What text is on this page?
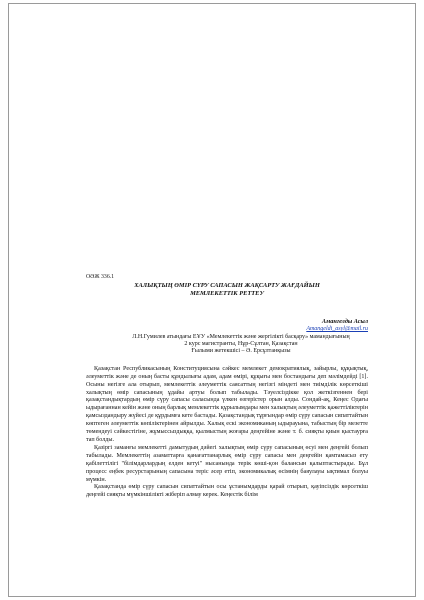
ОӘЖ 336.1
ХАЛЫҚТЫҢ ӨМІР СҮРУ САПАСЫН ЖАҚСАРТУ ЖАҒДАЙЫН
МЕМЛЕКЕТТІК РЕТТЕУ
Амангелды Асыл
Amangeldi_asyl@mail.ru
Л.Н.Гумилев атындағы ЕҰУ «Мемлекеттік және жергілікті басқару» мамандығының
2 курс магистранты, Нұр-Сұлтан, Қазақстан
Ғылыми жетекшісі – Ә. Ерсұлтанқызы

Қазақстан Республикасының Конституциясына сәйкес мемлекет демократиялық, зайырлы, құқықтық, әлеуметтік және де оның басты құндылығы адам, адам өмірі, құқығы мен бостандығы деп мәлімдейді [1]. Осыны негізге ала отырып, мемлекеттік әлеуметтік саясаттың негізгі міндеті мен тиімділік көрсеткіші халықтың өмір сапасының ұдайы артуы болып табылады. Тәуелсіздікке қол жеткізгеннен бері қазақстандықтардың өмір сүру сапасы саласында үлкен өзгерістер орын алды. Сондай-ақ, Кеңес Одағы ыдырағаннан кейін және оның барлық мемлекеттік құрылымдары мен халықтың әлеуметтік қажеттіліктерін қамсыздандыру жүйесі де құрдымға кете бастады. Қазақстандық тұрғындар өмір сүру сапасын сипаттайтын көптеген әлеуметтік көпіліктерінен айрылды. Халық ескі экономиканың ыдырауына, табыстың бір мезетте төмендеуі сәйкестігіне, жұмыссыздыққа, қылмыстың жоғары деңгейіне және т. б. сияқты қиын қыстаурға тап болды.

Қазіргі заманғы мемлекетті дамытудың дәйегі халықтың өмір сүру сапасының өсуі мен деңгейі болып табылады. Мемлекеттің азаматтарға қанағаттанарлық өмір сүру сапасы мен деңгейін қамтамасыз ету қабілеттілігі "білімдарлардың елден кетуі" нысанында терік көші-қон балансын қалыптастырады. Бұл процесс еңбек ресурстарының сапасына теріс әсер етіп, экономикалық өсімнің баяулауы ықтимал болуы мүмкін.

Қазақстанда өмір сүру сапасын сипаттайтын осы ұстанымдарды қарай отырып, қауіпсіздік көрсеткіш деңгейі сияқты мүмкіншілікті жіберіп алмау керек. Кеңестік білім
